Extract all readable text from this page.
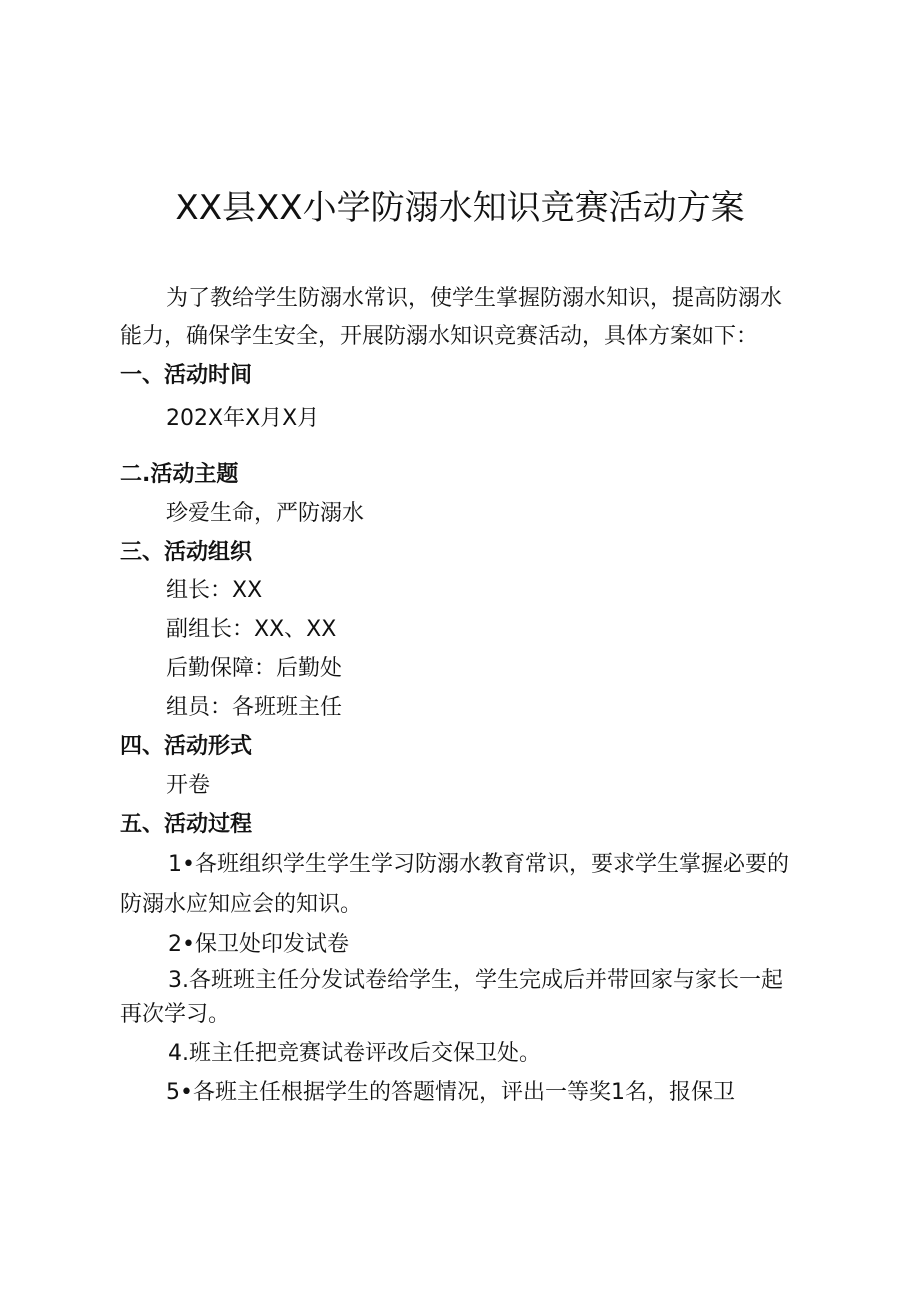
XX县XX小学防溺水知识竞赛活动方案
为了教给学生防溺水常识，使学生掌握防溺水知识，提高防溺水
能力，确保学生安全，开展防溺水知识竞赛活动，具体方案如下：
一、活动时间
202X年X月X月
二.活动主题
珍爱生命，严防溺水
三、活动组织
组长：XX
副组长：XX、XX
后勤保障：后勤处
组员：各班班主任
四、活动形式
开卷
五、活动过程
1•各班组织学生学生学习防溺水教育常识，要求学生掌握必要的
防溺水应知应会的知识。
2•保卫处印发试卷
3.各班班主任分发试卷给学生，学生完成后并带回家与家长一起
再次学习。
4.班主任把竞赛试卷评改后交保卫处。
5•各班主任根据学生的答题情况，评出一等奖1名，报保卫
